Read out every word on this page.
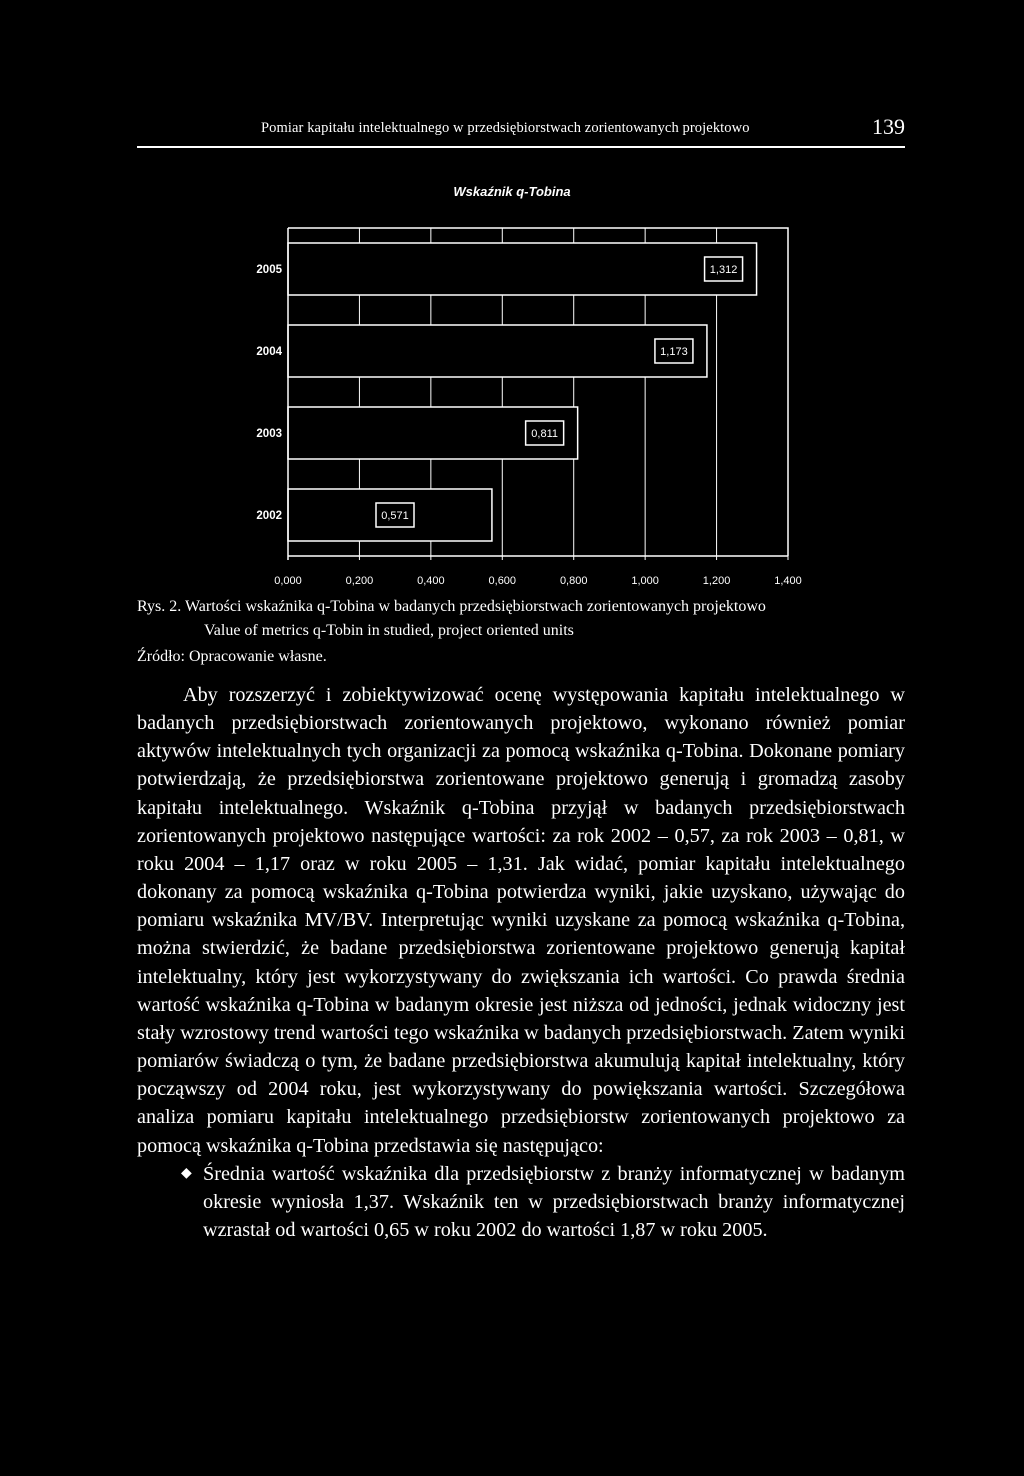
Pomiar kapitału intelektualnego w przedsiębiorstwach zorientowanych projektowo	139
Wskaźnik q-Tobina
2005	1,312
2004	1,173
2003	0,811
2002	0,571
0,000	0,200	0,400	0,600	0,800	1,000	1,200	1,400
Rys. 2. Wartości wskaźnika q-Tobina w badanych przedsiębiorstwach zorientowanych projektowo
Value of metrics q-Tobin in studied, project oriented units
Źródło: Opracowanie własne.

Aby rozszerzyć i zobiektywizować ocenę występowania kapitału intelektualnego w badanych przedsiębiorstwach zorientowanych projektowo, wykonano również pomiar aktywów intelektualnych tych organizacji za pomocą wskaźnika q-Tobina. Dokonane pomiary potwierdzają, że przedsiębiorstwa zorientowane projektowo generują i gromadzą zasoby kapitału intelektualnego. Wskaźnik q-Tobina przyjął w badanych przedsiębiorstwach zorientowanych projektowo następujące wartości: za rok 2002 – 0,57, za rok 2003 – 0,81, w roku 2004 – 1,17 oraz w roku 2005 – 1,31. Jak widać, pomiar kapitału intelektualnego dokonany za pomocą wskaźnika q-Tobina potwierdza wyniki, jakie uzyskano, używając do pomiaru wskaźnika MV/BV. Interpretując wyniki uzyskane za pomocą wskaźnika q-Tobina, można stwierdzić, że badane przedsiębiorstwa zorientowane projektowo generują kapitał intelektualny, który jest wykorzystywany do zwiększania ich wartości. Co prawda średnia wartość wskaźnika q-Tobina w badanym okresie jest niższa od jedności, jednak widoczny jest stały wzrostowy trend wartości tego wskaźnika w badanych przedsiębiorstwach. Zatem wyniki pomiarów świadczą o tym, że badane przedsiębiorstwa akumulują kapitał intelektualny, który począwszy od 2004 roku, jest wykorzystywany do powiększania wartości. Szczegółowa analiza pomiaru kapitału intelektualnego przedsiębiorstw zorientowanych projektowo za pomocą wskaźnika q-Tobina przedstawia się następująco:

◆ Średnia wartość wskaźnika dla przedsiębiorstw z branży informatycznej w badanym okresie wyniosła 1,37. Wskaźnik ten w przedsiębiorstwach branży informatycznej wzrastał od wartości 0,65 w roku 2002 do wartości 1,87 w roku 2005.
